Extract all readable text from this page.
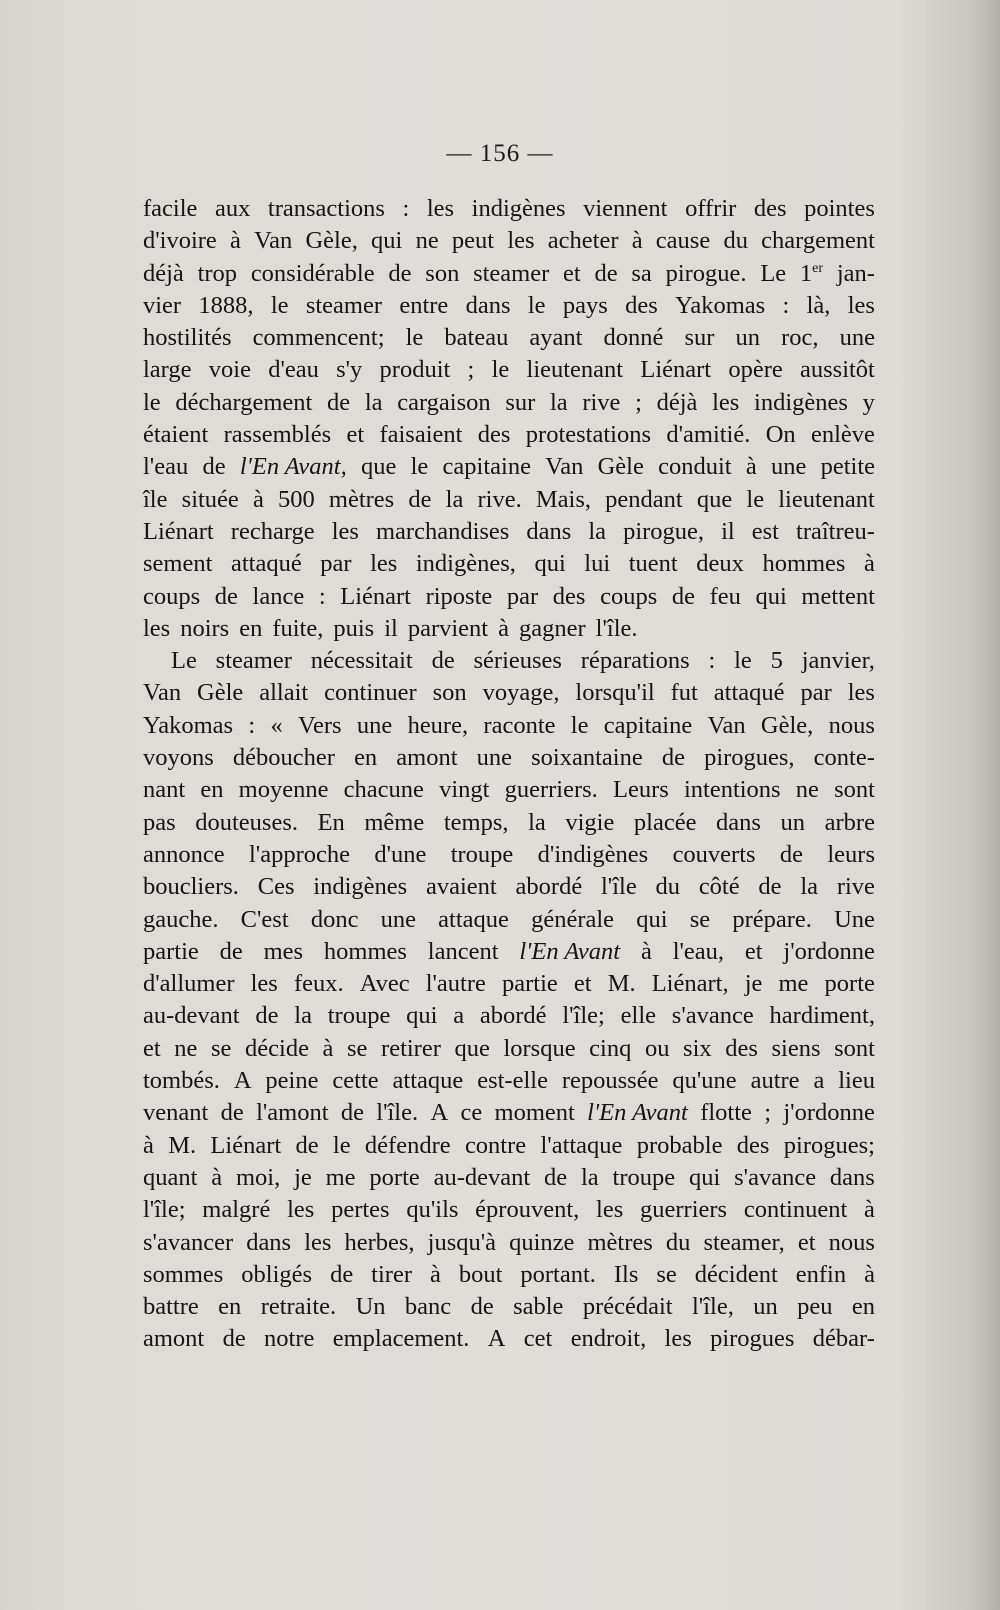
— 156 —
facile aux transactions : les indigènes viennent offrir des pointes
d'ivoire à Van Gèle, qui ne peut les acheter à cause du chargement
déjà trop considérable de son steamer et de sa pirogue. Le 1er jan-
vier 1888, le steamer entre dans le pays des Yakomas : là, les
hostilités commencent; le bateau ayant donné sur un roc, une
large voie d'eau s'y produit ; le lieutenant Liénart opère aussitôt
le déchargement de la cargaison sur la rive ; déjà les indigènes y
étaient rassemblés et faisaient des protestations d'amitié. On enlève
l'eau de l'En Avant, que le capitaine Van Gèle conduit à une petite
île située à 500 mètres de la rive. Mais, pendant que le lieutenant
Liénart recharge les marchandises dans la pirogue, il est traîtreu-
sement attaqué par les indigènes, qui lui tuent deux hommes à
coups de lance : Liénart riposte par des coups de feu qui mettent
les noirs en fuite, puis il parvient à gagner l'île.
Le steamer nécessitait de sérieuses réparations : le 5 janvier,
Van Gèle allait continuer son voyage, lorsqu'il fut attaqué par les
Yakomas : « Vers une heure, raconte le capitaine Van Gèle, nous
voyons déboucher en amont une soixantaine de pirogues, conte-
nant en moyenne chacune vingt guerriers. Leurs intentions ne sont
pas douteuses. En même temps, la vigie placée dans un arbre
annonce l'approche d'une troupe d'indigènes couverts de leurs
boucliers. Ces indigènes avaient abordé l'île du côté de la rive
gauche. C'est donc une attaque générale qui se prépare. Une
partie de mes hommes lancent l'En Avant à l'eau, et j'ordonne
d'allumer les feux. Avec l'autre partie et M. Liénart, je me porte
au-devant de la troupe qui a abordé l'île; elle s'avance hardiment,
et ne se décide à se retirer que lorsque cinq ou six des siens sont
tombés. A peine cette attaque est-elle repoussée qu'une autre a lieu
venant de l'amont de l'île. A ce moment l'En Avant flotte ; j'ordonne
à M. Liénart de le défendre contre l'attaque probable des pirogues;
quant à moi, je me porte au-devant de la troupe qui s'avance dans
l'île; malgré les pertes qu'ils éprouvent, les guerriers continuent à
s'avancer dans les herbes, jusqu'à quinze mètres du steamer, et nous
sommes obligés de tirer à bout portant. Ils se décident enfin à
battre en retraite. Un banc de sable précédait l'île, un peu en
amont de notre emplacement. A cet endroit, les pirogues débar-
